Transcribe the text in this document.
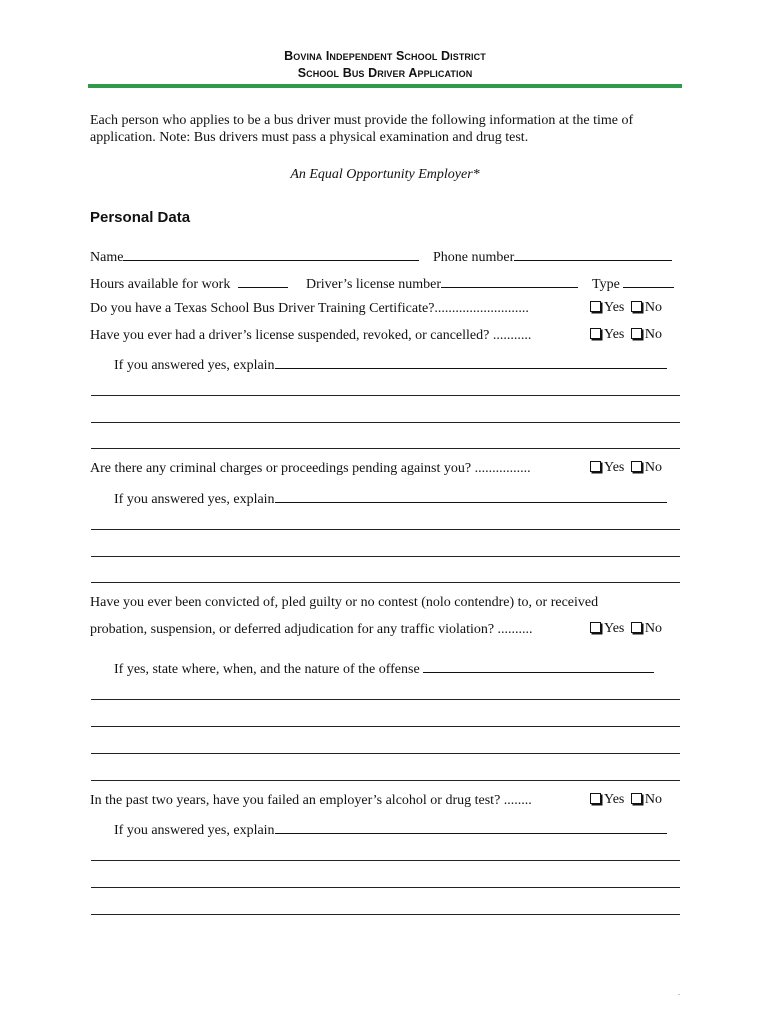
Bovina Independent School District
School Bus Driver Application
Each person who applies to be a bus driver must provide the following information at the time of application. Note: Bus drivers must pass a physical examination and drug test.
An Equal Opportunity Employer*
Personal Data
Name	Phone number
Hours available for work	Driver’s license number	Type
Do you have a Texas School Bus Driver Training Certificate?...........................	Yes No
Have you ever had a driver’s license suspended, revoked, or cancelled? ...........	Yes No
If you answered yes, explain
Are there any criminal charges or proceedings pending against you? ................	Yes No
If you answered yes, explain
Have you ever been convicted of, pled guilty or no contest (nolo contendre) to, or received
probation, suspension, or deferred adjudication for any traffic violation? ..........	Yes No
If yes, state where, when, and the nature of the offense
In the past two years, have you failed an employer’s alcohol or drug test? ........	Yes No
If you answered yes, explain
.
